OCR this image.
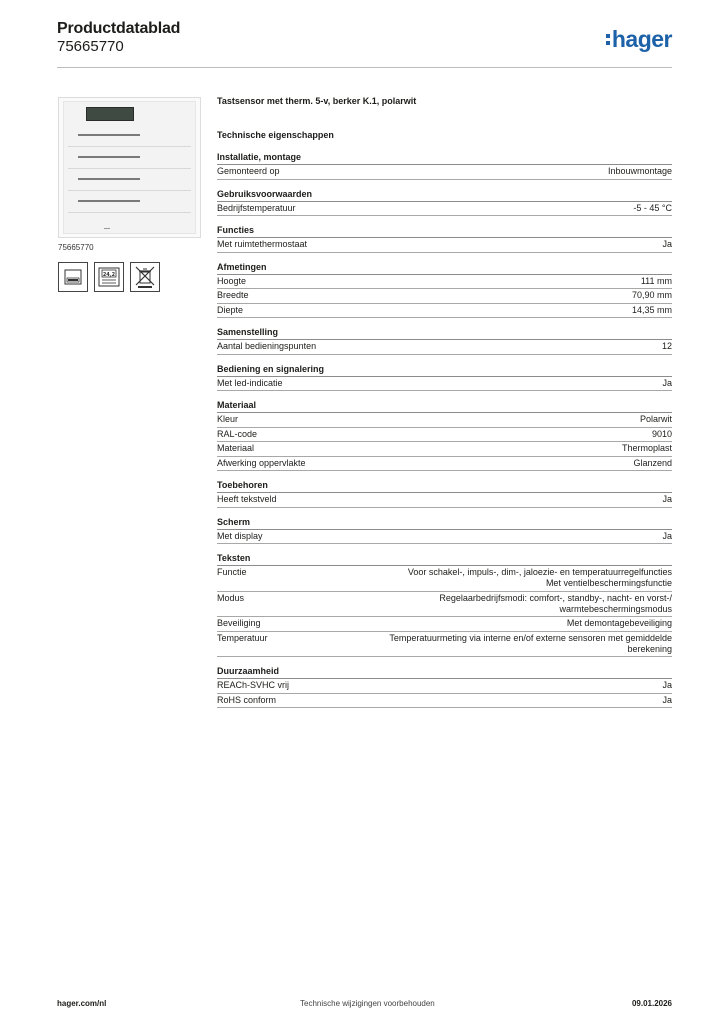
Productdatablad
75665770	hager
75665770
24,2
Tastsensor met therm. 5-v, berker K.1, polarwit
Technische eigenschappen
Installatie, montage
Gemonteerd op	Inbouwmontage
Gebruiksvoorwaarden
Bedrijfstemperatuur	-5 - 45 °C
Functies
Met ruimtethermostaat	Ja
Afmetingen
Hoogte	111 mm
Breedte	70,90 mm
Diepte	14,35 mm
Samenstelling
Aantal bedieningspunten	12
Bediening en signalering
Met led-indicatie	Ja
Materiaal
Kleur	Polarwit
RAL-code	9010
Materiaal	Thermoplast
Afwerking oppervlakte	Glanzend
Toebehoren
Heeft tekstveld	Ja
Scherm
Met display	Ja
Teksten
Functie	Voor schakel-, impuls-, dim-, jaloezie- en temperatuurregelfuncties
Met ventielbeschermingsfunctie
Modus	Regelaarbedrijfsmodi: comfort-, standby-, nacht- en vorst-/
warmtebeschermingsmodus
Beveiliging	Met demontagebeveiliging
Temperatuur	Temperatuurmeting via interne en/of externe sensoren met gemiddelde
berekening
Duurzaamheid
REACh-SVHC vrij	Ja
RoHS conform	Ja
hager.com/nl	Technische wijzigingen voorbehouden	09.01.2026
